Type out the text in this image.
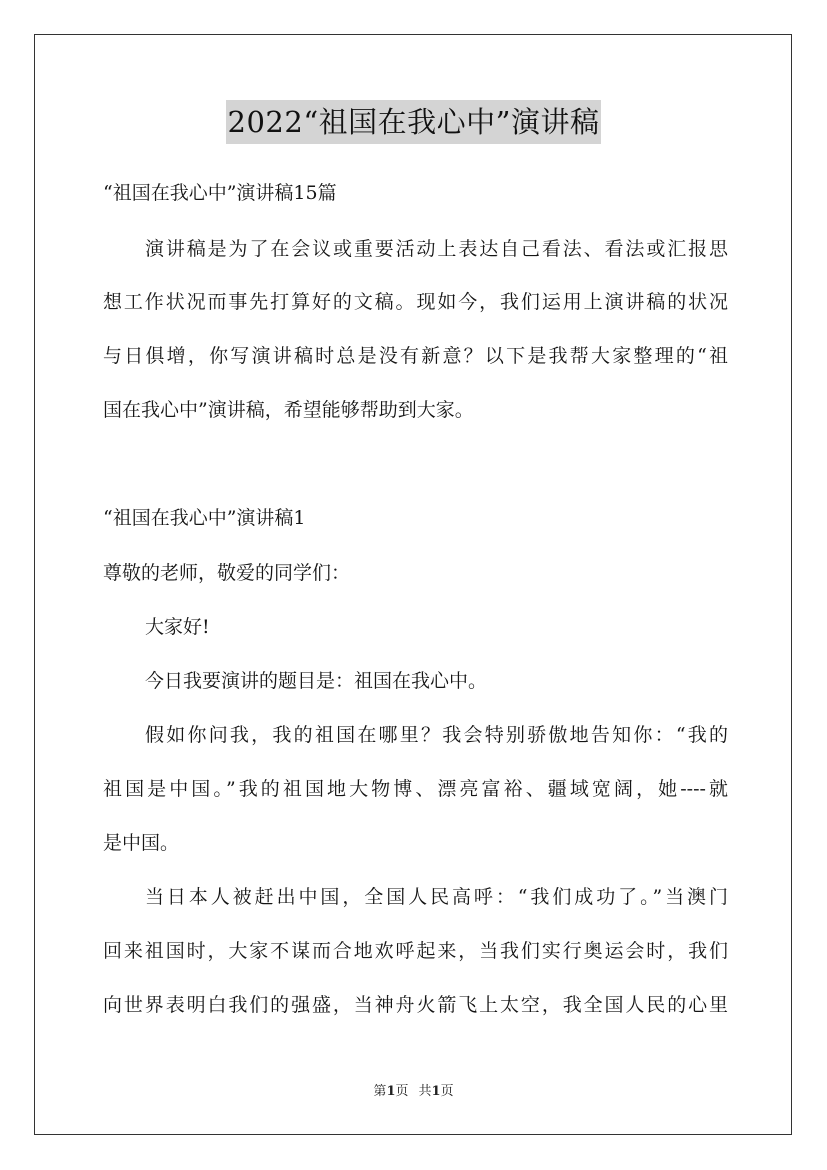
2022“祖国在我心中”演讲稿
“祖国在我心中”演讲稿15篇
演讲稿是为了在会议或重要活动上表达自己看法、看法或汇报思
想工作状况而事先打算好的文稿。现如今，我们运用上演讲稿的状况
与日俱增，你写演讲稿时总是没有新意？以下是我帮大家整理的“祖
国在我心中”演讲稿，希望能够帮助到大家。
“祖国在我心中”演讲稿1
尊敬的老师，敬爱的同学们：
大家好!
今日我要演讲的题目是：祖国在我心中。
假如你问我，我的祖国在哪里？我会特别骄傲地告知你：“我的
祖国是中国。”我的祖国地大物博、漂亮富裕、疆域宽阔，她----就
是中国。
当日本人被赶出中国，全国人民高呼：“我们成功了。”当澳门
回来祖国时，大家不谋而合地欢呼起来，当我们实行奥运会时，我们
向世界表明白我们的强盛，当神舟火箭飞上太空，我全国人民的心里
第1页 共1页
